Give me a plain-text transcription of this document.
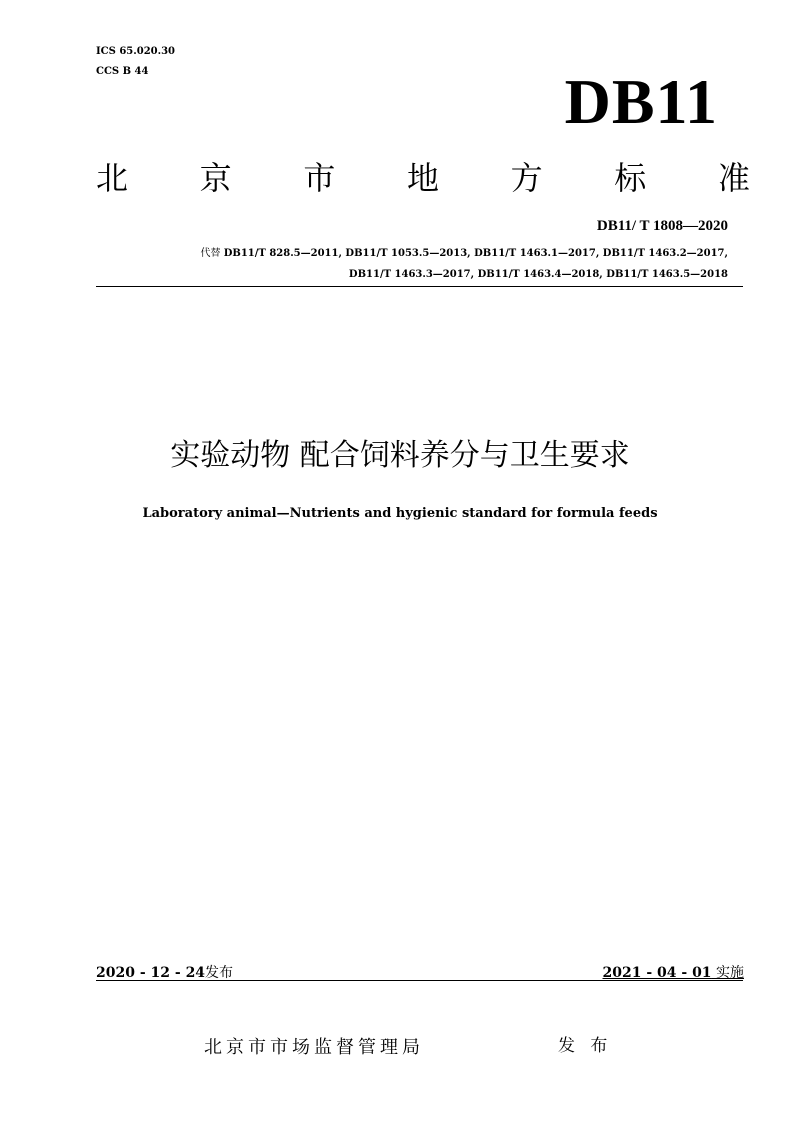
ICS 65.020.30
CCS B 44	DB11
北 京 市 地 方 标 准
DB11/ T 1808—2020
代替 DB11/T 828.5—2011, DB11/T 1053.5—2013, DB11/T 1463.1—2017, DB11/T 1463.2—2017,
DB11/T 1463.3—2017, DB11/T 1463.4—2018, DB11/T 1463.5—2018
实验动物 配合饲料养分与卫生要求
Laboratory animal—Nutrients and hygienic standard for formula feeds
2020 - 12 - 24发布	2021 - 04 - 01 实施
北京市市场监督管理局	发 布
